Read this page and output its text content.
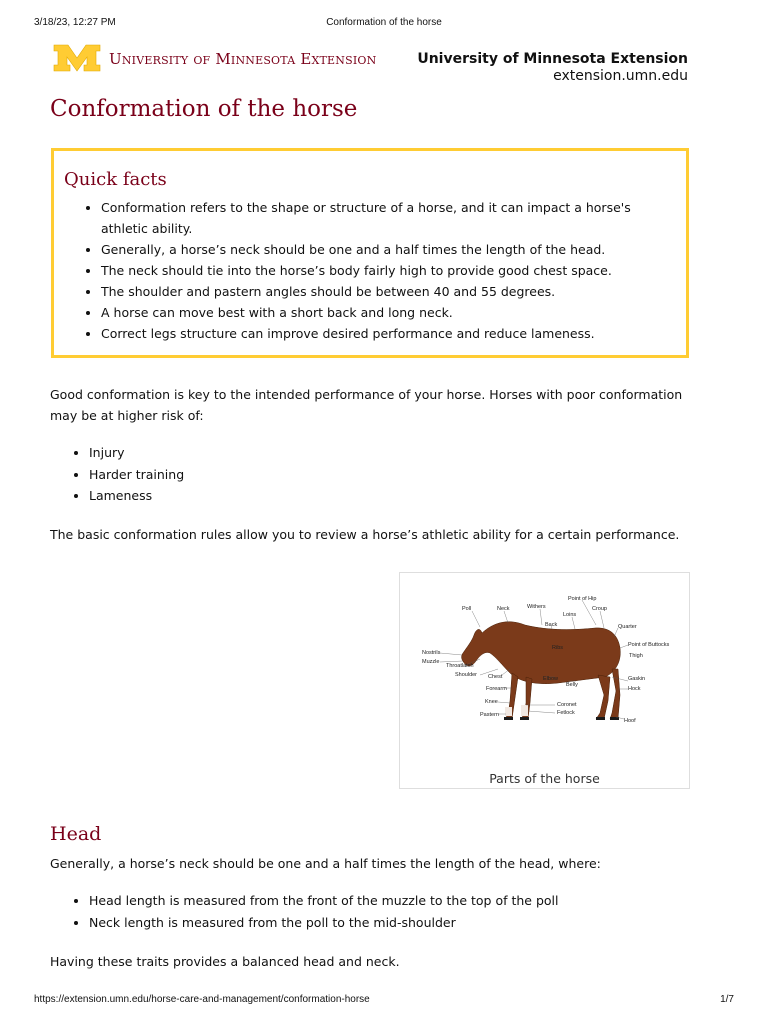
3/18/23, 12:27 PM	Conformation of the horse
University of Minnesota Extension	University of Minnesota Extension
extension.umn.edu
Conformation of the horse
Quick facts
• Conformation refers to the shape or structure of a horse, and it can impact a horse's athletic ability.
• Generally, a horse’s neck should be one and a half times the length of the head.
• The neck should tie into the horse’s body fairly high to provide good chest space.
• The shoulder and pastern angles should be between 40 and 55 degrees.
• A horse can move best with a short back and long neck.
• Correct legs structure can improve desired performance and reduce lameness.

Good conformation is key to the intended performance of your horse. Horses with poor conformation may be at higher risk of:

• Injury
• Harder training
• Lameness

The basic conformation rules allow you to review a horse’s athletic ability for a certain performance.

Point of Hip
Poll	Neck	Withers
Loins
Croup
Back	Quarter
Point of Buttocks
Nostrils
Ribs
Thigh
Muzzle
Throatlatch
Shoulder Chest	Elbow	Gaskin
Belly
Hock
Forearm
Knee	Coronet
Fetlock
Pastern
Hoof
Parts of the horse
Head

Generally, a horse’s neck should be one and a half times the length of the head, where:

• Head length is measured from the front of the muzzle to the top of the poll
• Neck length is measured from the poll to the mid-shoulder

Having these traits provides a balanced head and neck.

https://extension.umn.edu/horse-care-and-management/conformation-horse	1/7
